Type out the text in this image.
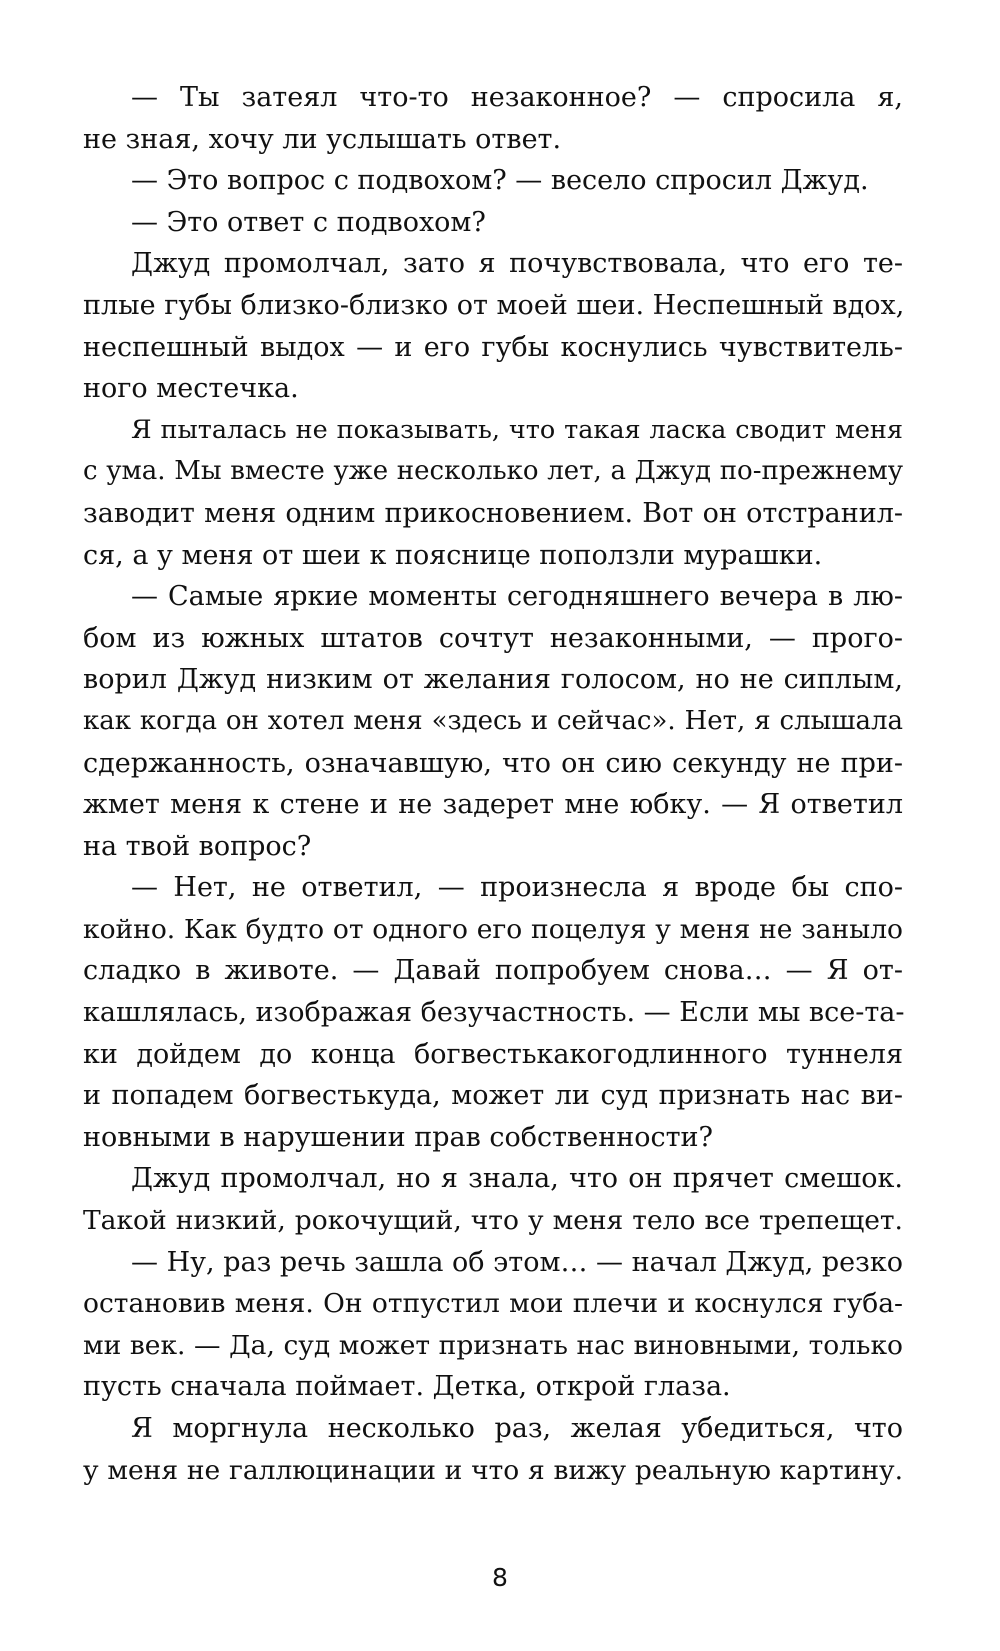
— Ты затеял что-то незаконное? — спросила я,
не зная, хочу ли услышать ответ.
— Это вопрос с подвохом? — весело спросил Джуд.
— Это ответ с подвохом?
Джуд промолчал, зато я почувствовала, что его те-
плые губы близко-близко от моей шеи. Неспешный вдох,
неспешный выдох — и его губы коснулись чувствитель-
ного местечка.
Я пыталась не показывать, что такая ласка сводит меня
с ума. Мы вместе уже несколько лет, а Джуд по-прежнему
заводит меня одним прикосновением. Вот он отстранил-
ся, а у меня от шеи к пояснице поползли мурашки.
— Самые яркие моменты сегодняшнего вечера в лю-
бом из южных штатов сочтут незаконными, — прого-
ворил Джуд низким от желания голосом, но не сиплым,
как когда он хотел меня «здесь и сейчас». Нет, я слышала
сдержанность, означавшую, что он сию секунду не при-
жмет меня к стене и не задерет мне юбку. — Я ответил
на твой вопрос?
— Нет, не ответил, — произнесла я вроде бы спо-
койно. Как будто от одного его поцелуя у меня не заныло
сладко в животе. — Давай попробуем снова… — Я от-
кашлялась, изображая безучастность. — Если мы все-та-
ки дойдем до конца богвестькакогодлинного туннеля
и попадем богвестькуда, может ли суд признать нас ви-
новными в нарушении прав собственности?
Джуд промолчал, но я знала, что он прячет смешок.
Такой низкий, рокочущий, что у меня тело все трепещет.
— Ну, раз речь зашла об этом… — начал Джуд, резко
остановив меня. Он отпустил мои плечи и коснулся губа-
ми век. — Да, суд может признать нас виновными, только
пусть сначала поймает. Детка, открой глаза.
Я моргнула несколько раз, желая убедиться, что
у меня не галлюцинации и что я вижу реальную картину.
8
